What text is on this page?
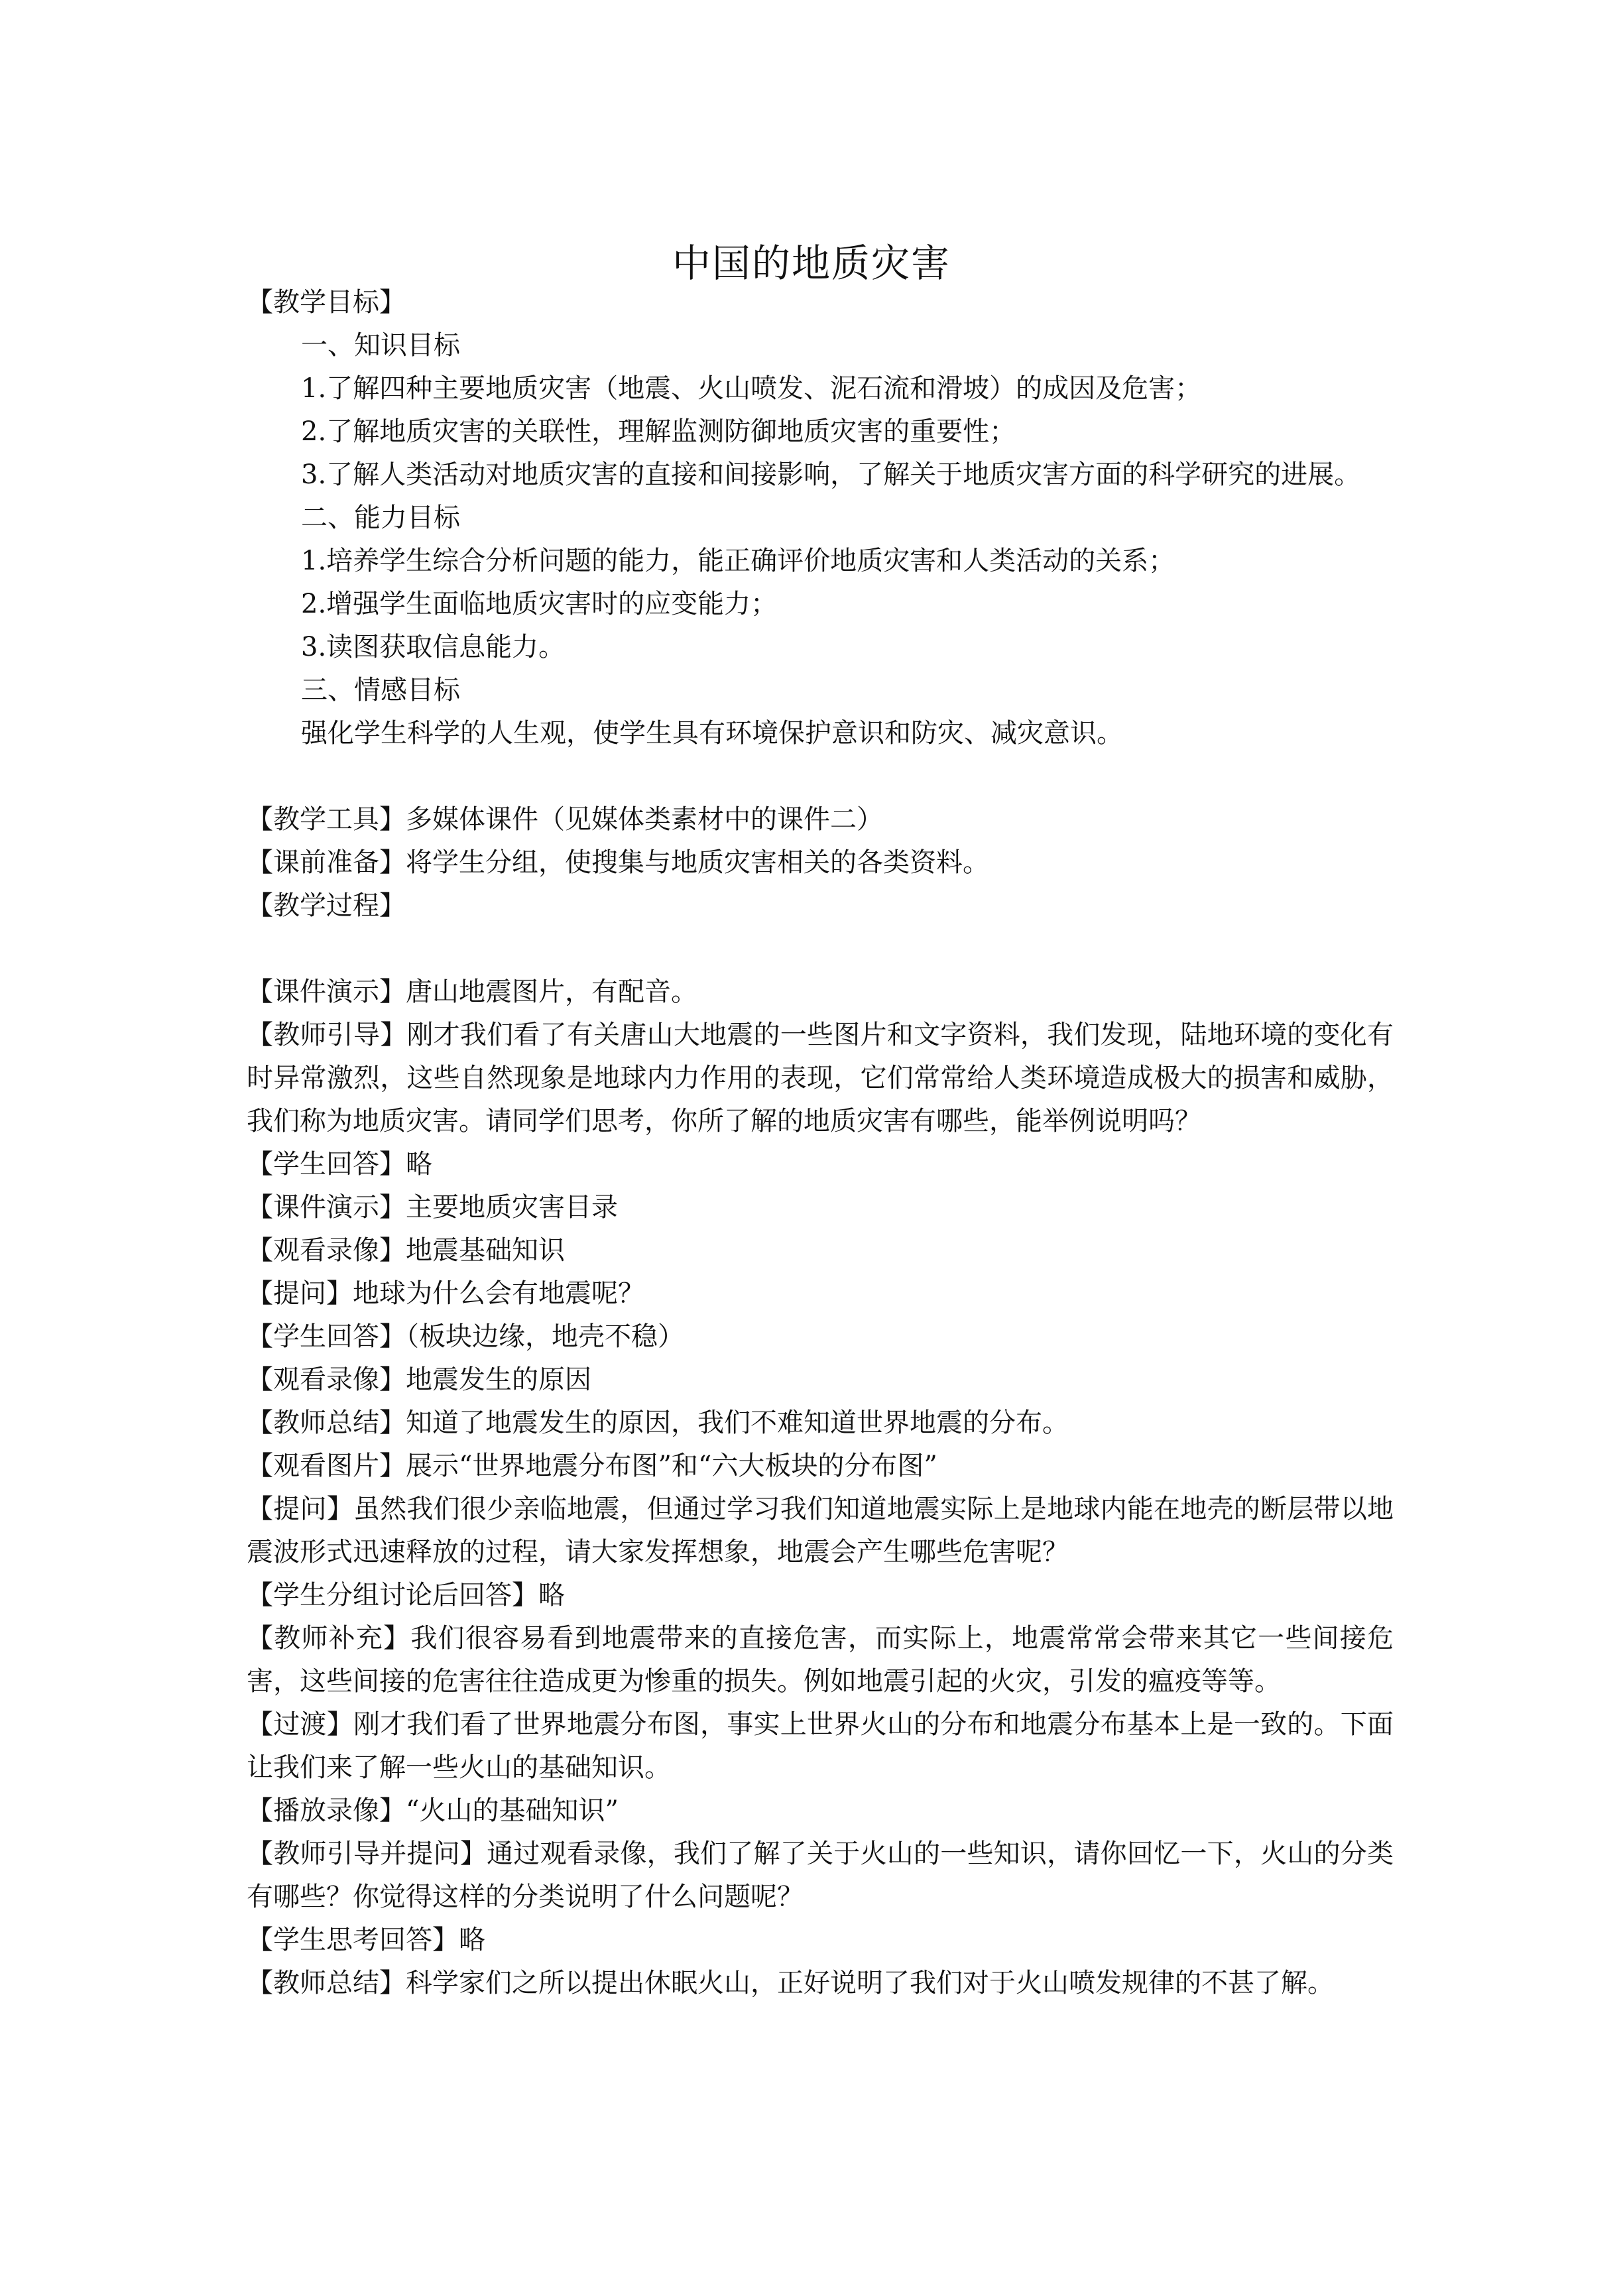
中国的地质灾害
【教学目标】
一、知识目标
1.了解四种主要地质灾害（地震、火山喷发、泥石流和滑坡）的成因及危害；
2.了解地质灾害的关联性，理解监测防御地质灾害的重要性；
3.了解人类活动对地质灾害的直接和间接影响，了解关于地质灾害方面的科学研究的进展。
二、能力目标
1.培养学生综合分析问题的能力，能正确评价地质灾害和人类活动的关系；
2.增强学生面临地质灾害时的应变能力；
3.读图获取信息能力。
三、情感目标
强化学生科学的人生观，使学生具有环境保护意识和防灾、减灾意识。
【教学工具】多媒体课件（见媒体类素材中的课件二）
【课前准备】将学生分组，使搜集与地质灾害相关的各类资料。
【教学过程】
【课件演示】唐山地震图片，有配音。
【教师引导】刚才我们看了有关唐山大地震的一些图片和文字资料，我们发现，陆地环境的变化有时异常激烈，这些自然现象是地球内力作用的表现，它们常常给人类环境造成极大的损害和威胁，我们称为地质灾害。请同学们思考，你所了解的地质灾害有哪些，能举例说明吗？
【学生回答】略
【课件演示】主要地质灾害目录
【观看录像】地震基础知识
【提问】地球为什么会有地震呢？
【学生回答】（板块边缘，地壳不稳）
【观看录像】地震发生的原因
【教师总结】知道了地震发生的原因，我们不难知道世界地震的分布。
【观看图片】展示“世界地震分布图”和“六大板块的分布图”
【提问】虽然我们很少亲临地震，但通过学习我们知道地震实际上是地球内能在地壳的断层带以地震波形式迅速释放的过程，请大家发挥想象，地震会产生哪些危害呢？
【学生分组讨论后回答】略
【教师补充】我们很容易看到地震带来的直接危害，而实际上，地震常常会带来其它一些间接危害，这些间接的危害往往造成更为惨重的损失。例如地震引起的火灾，引发的瘟疫等等。
【过渡】刚才我们看了世界地震分布图，事实上世界火山的分布和地震分布基本上是一致的。下面让我们来了解一些火山的基础知识。
【播放录像】“火山的基础知识”
【教师引导并提问】通过观看录像，我们了解了关于火山的一些知识，请你回忆一下，火山的分类有哪些？你觉得这样的分类说明了什么问题呢？
【学生思考回答】略
【教师总结】科学家们之所以提出休眠火山，正好说明了我们对于火山喷发规律的不甚了解。
